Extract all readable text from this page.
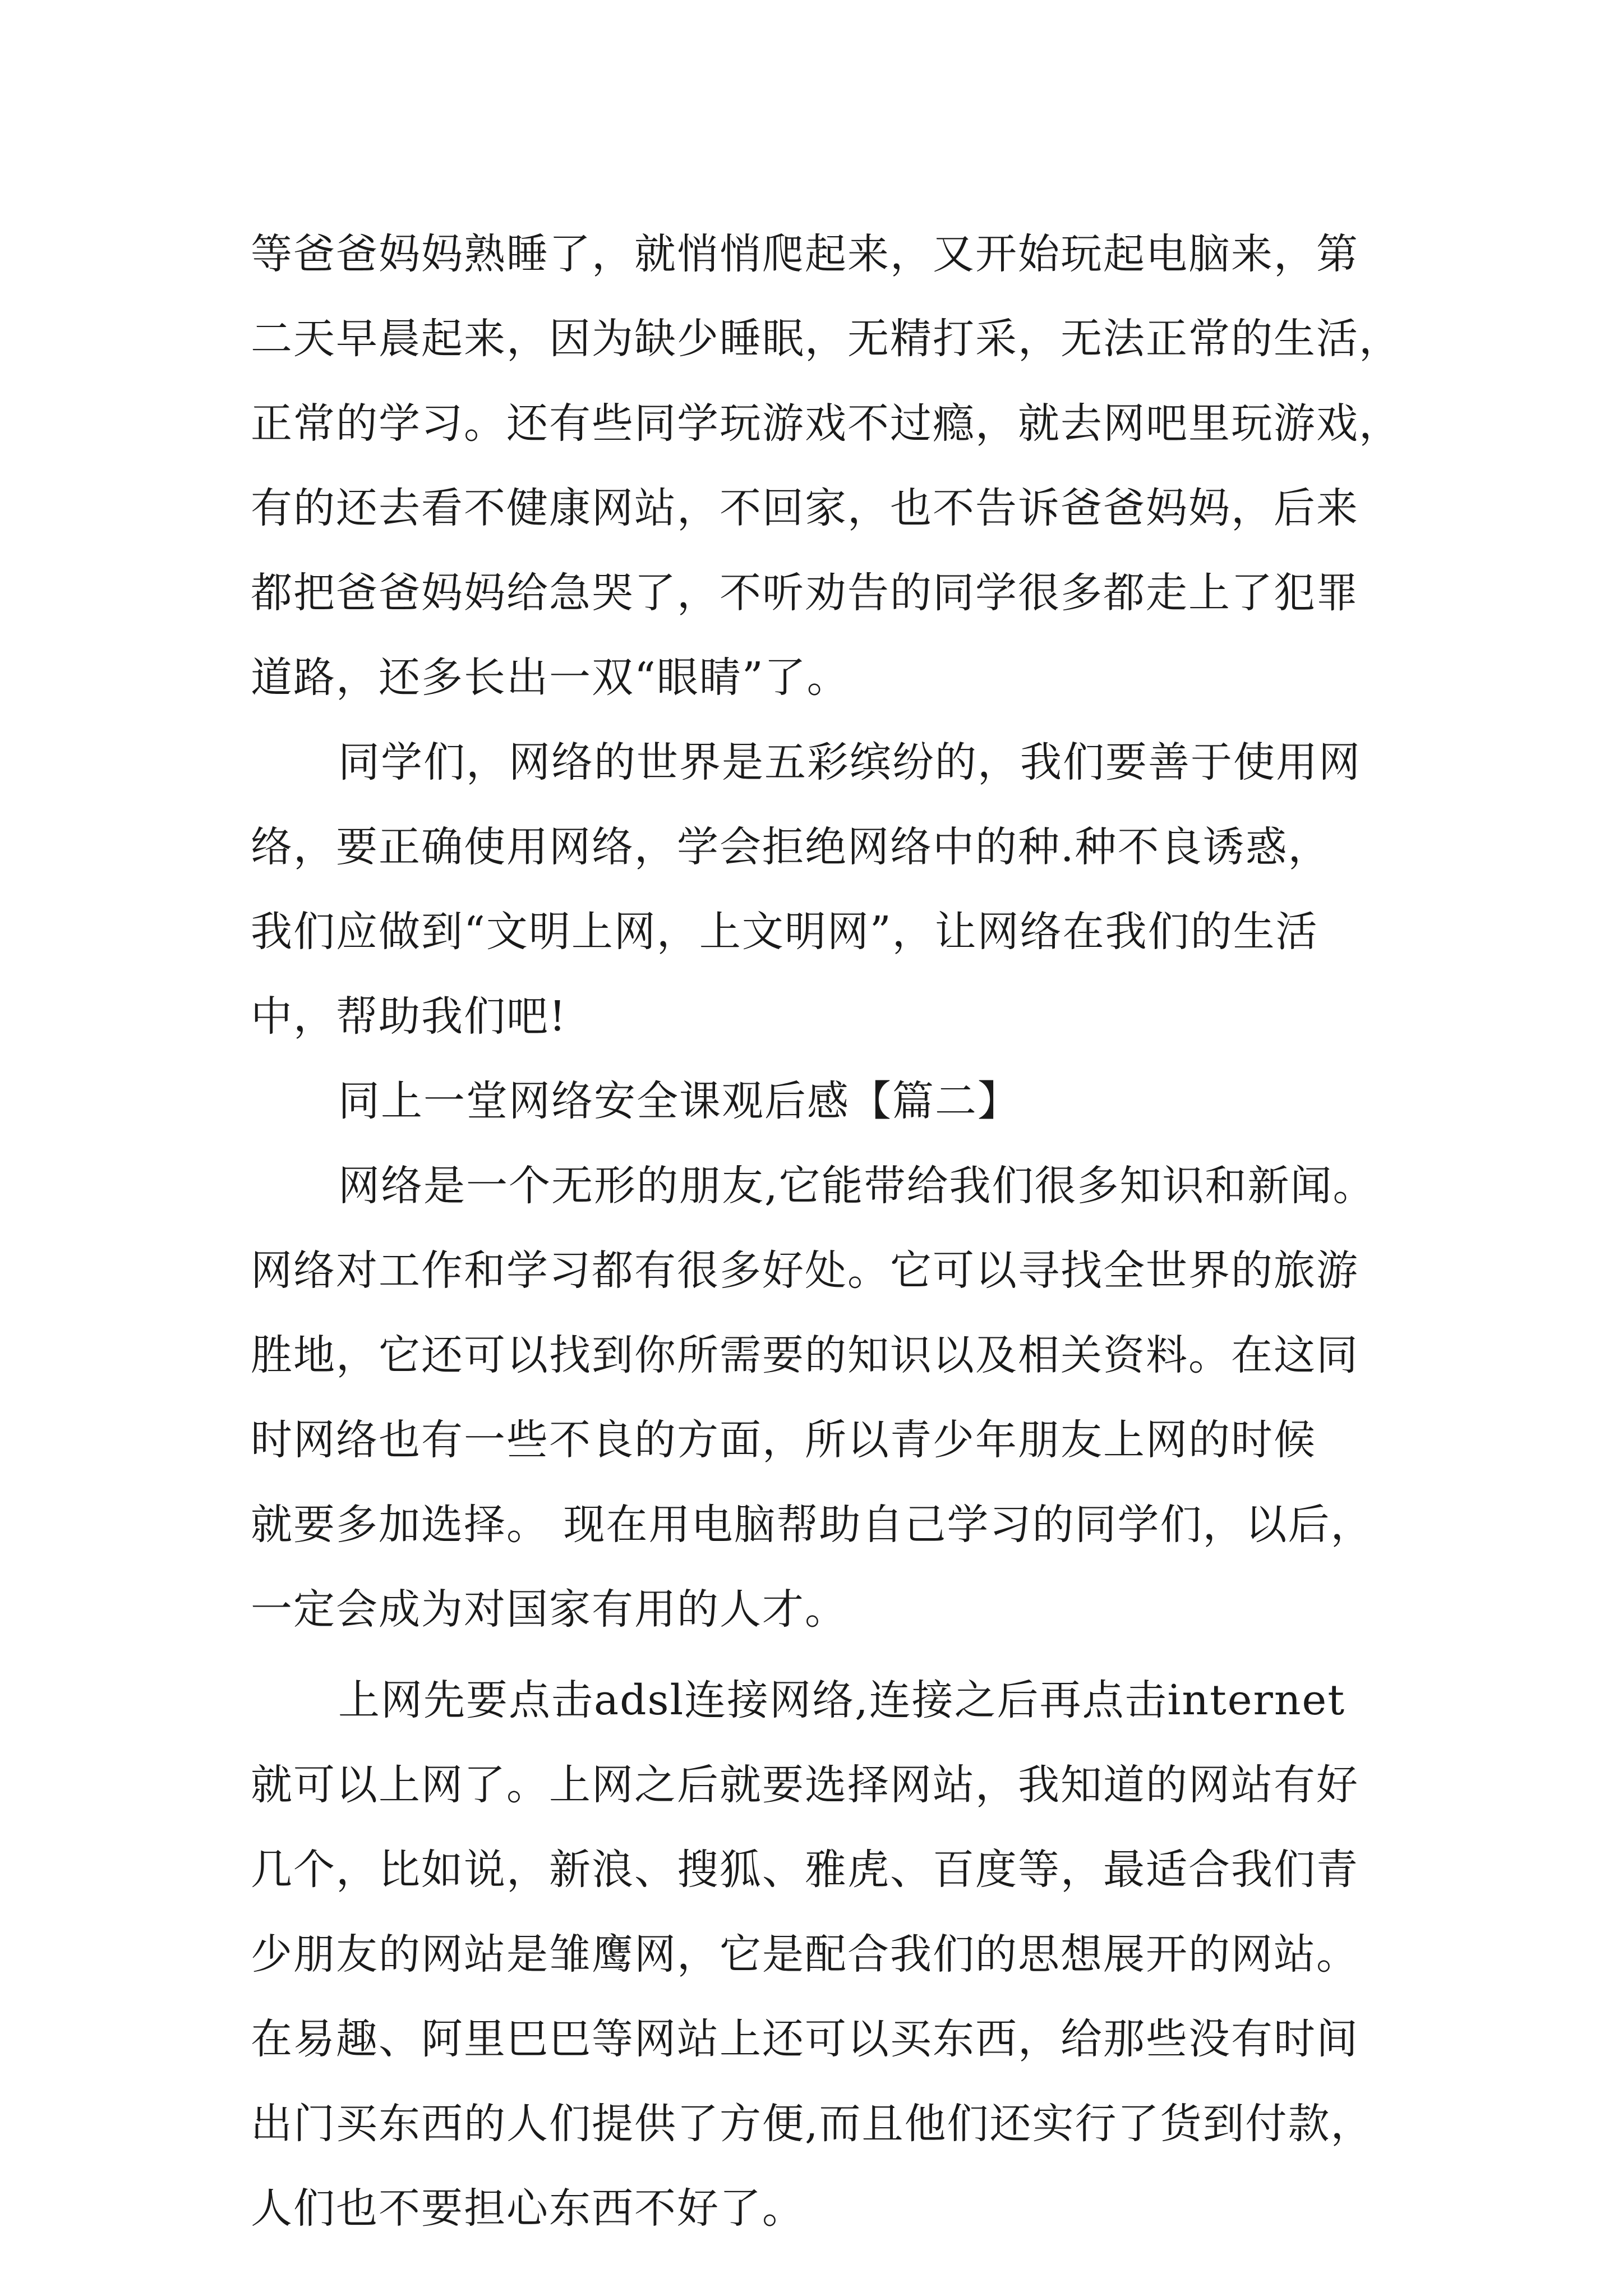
等爸爸妈妈熟睡了，就悄悄爬起来，又开始玩起电脑来，第
二天早晨起来，因为缺少睡眠，无精打采，无法正常的生活，
正常的学习。还有些同学玩游戏不过瘾，就去网吧里玩游戏，
有的还去看不健康网站，不回家，也不告诉爸爸妈妈，后来
都把爸爸妈妈给急哭了，不听劝告的同学很多都走上了犯罪
道路，还多长出一双“眼睛”了。
同学们，网络的世界是五彩缤纷的，我们要善于使用网
络，要正确使用网络，学会拒绝网络中的种.种不良诱惑，
我们应做到“文明上网，上文明网”，让网络在我们的生活
中，帮助我们吧!
同上一堂网络安全课观后感【篇二】
网络是一个无形的朋友,它能带给我们很多知识和新闻。
网络对工作和学习都有很多好处。它可以寻找全世界的旅游
胜地，它还可以找到你所需要的知识以及相关资料。在这同
时网络也有一些不良的方面，所以青少年朋友上网的时候
就要多加选择。 现在用电脑帮助自己学习的同学们，以后，
一定会成为对国家有用的人才。
上网先要点击adsl连接网络,连接之后再点击internet
就可以上网了。上网之后就要选择网站，我知道的网站有好
几个，比如说，新浪、搜狐、雅虎、百度等，最适合我们青
少朋友的网站是雏鹰网，它是配合我们的思想展开的网站。
在易趣、阿里巴巴等网站上还可以买东西，给那些没有时间
出门买东西的人们提供了方便,而且他们还实行了货到付款，
人们也不要担心东西不好了。
